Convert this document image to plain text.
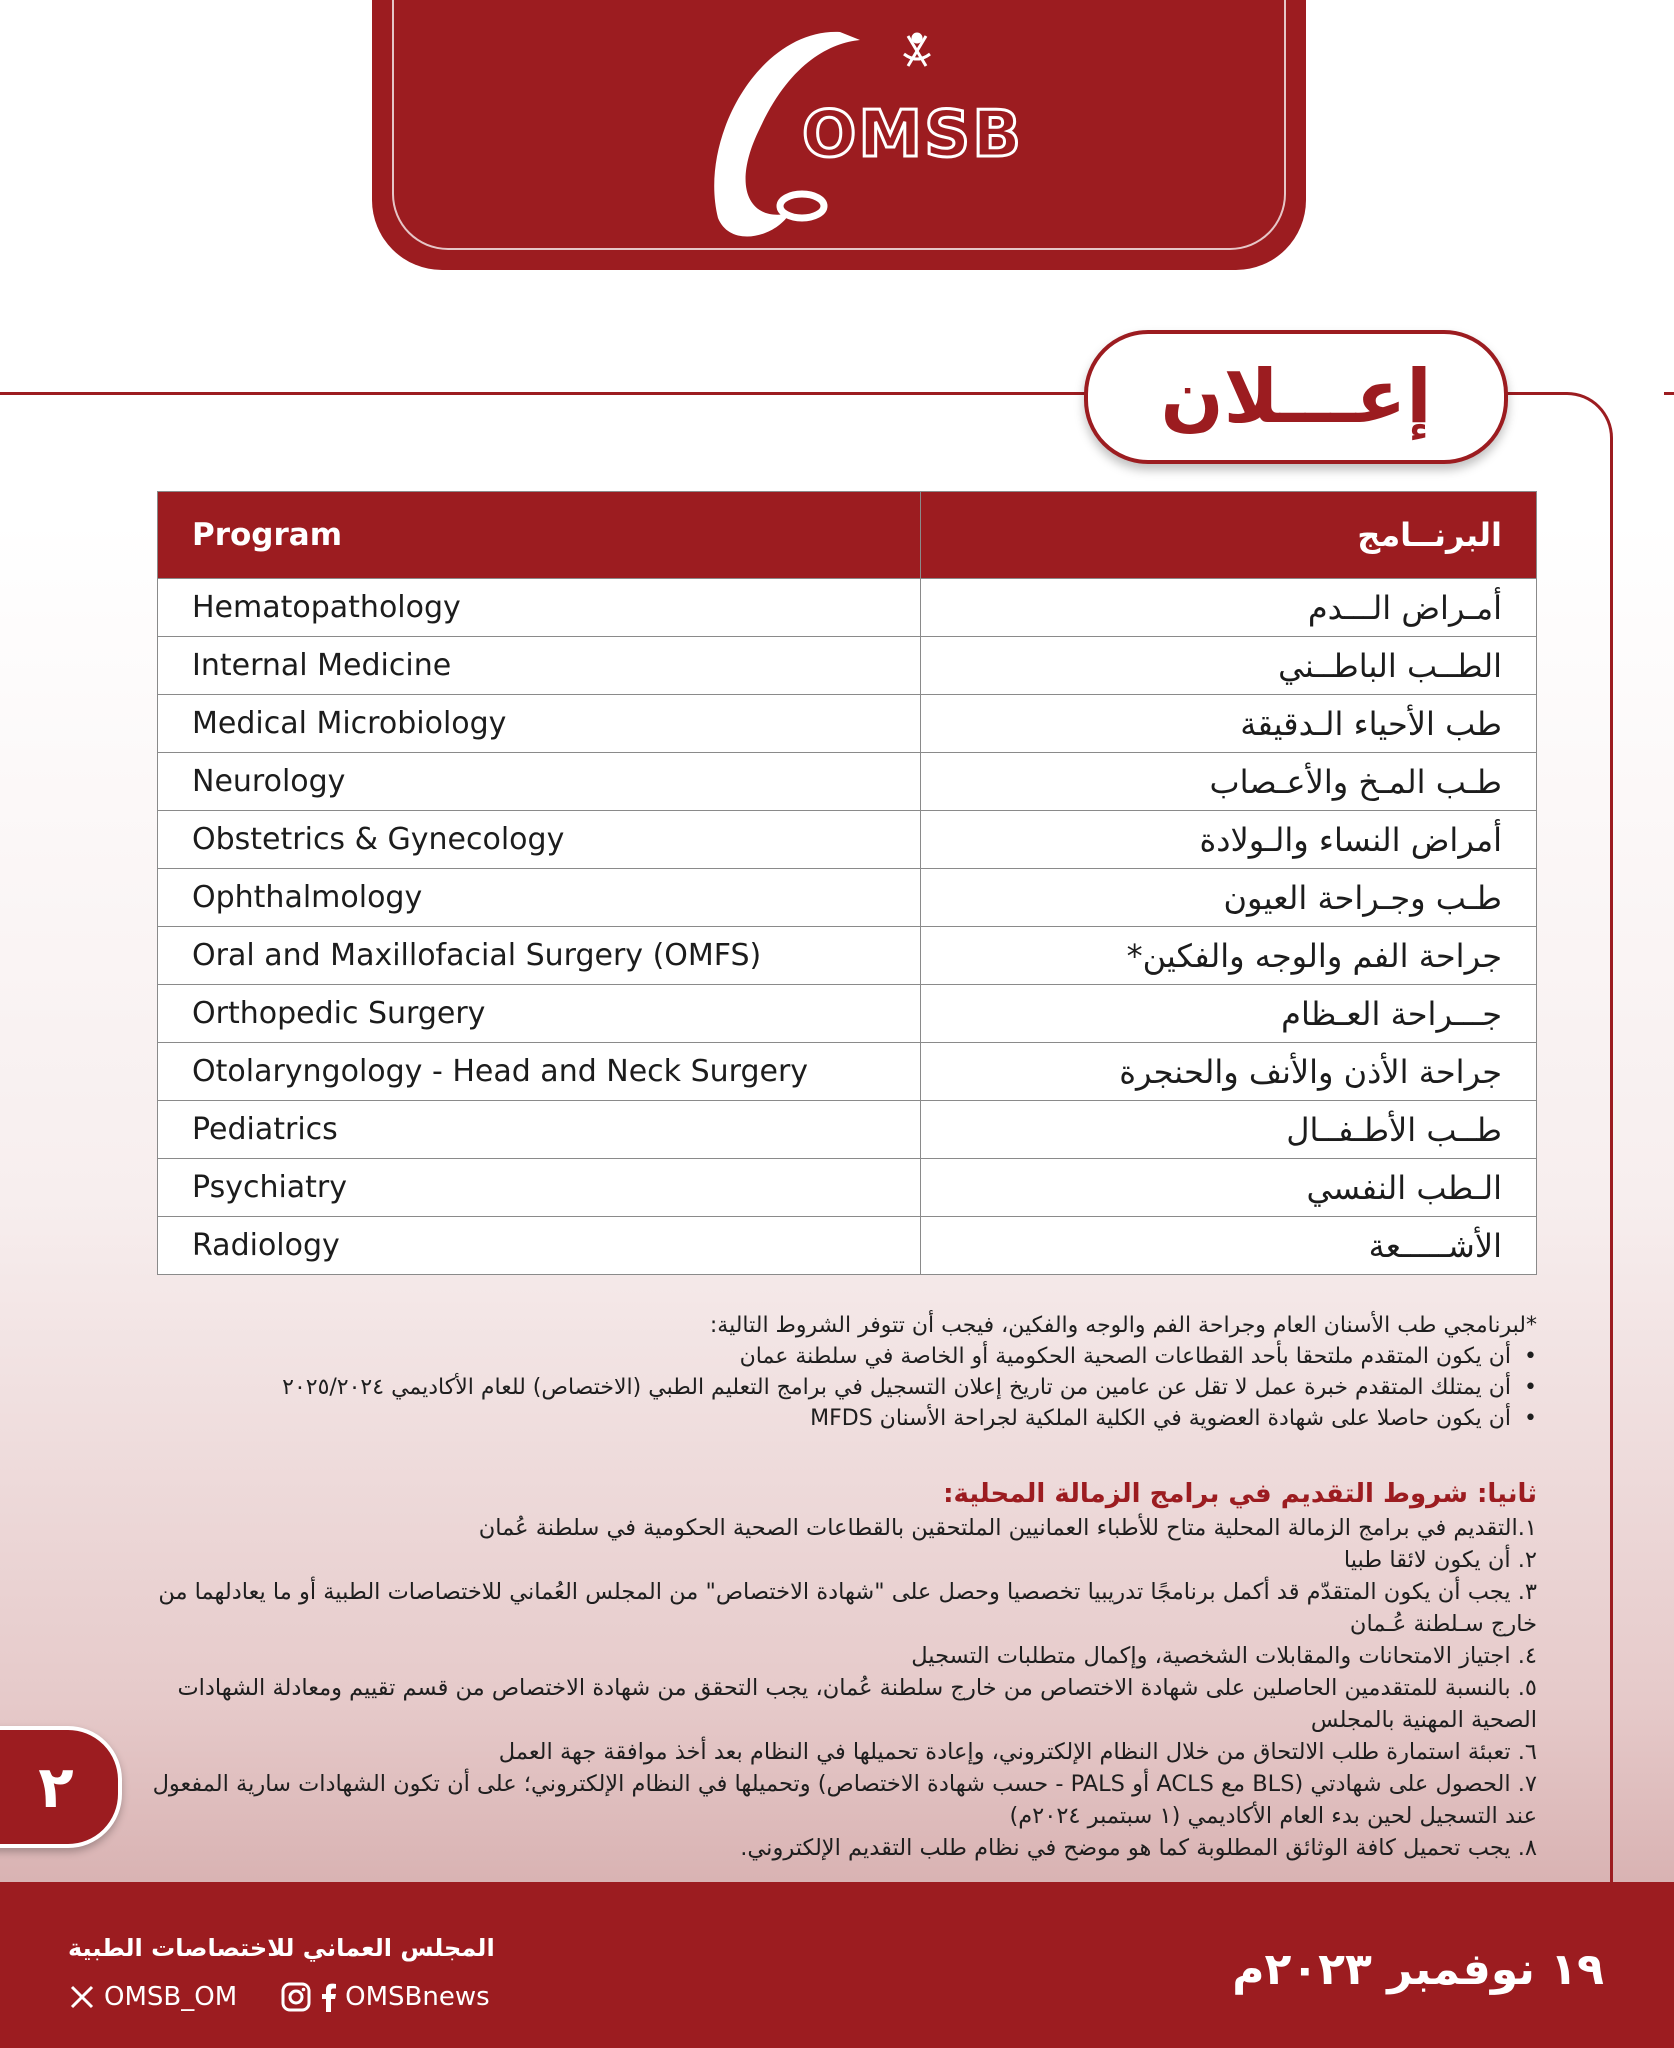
OMSB
إعـــلان
Program	البرنــامج
Hematopathology	أمـراض الـــدم
Internal Medicine	الطــب الباطــني
Medical Microbiology	طب الأحياء الـدقيقة
Neurology	طـب المـخ والأعـصاب
Obstetrics & Gynecology	أمراض النساء والـولادة
Ophthalmology	طـب وجـراحة العيون
Oral and Maxillofacial Surgery (OMFS)	جراحة الفم والوجه والفكين*
Orthopedic Surgery	جـــراحة العـظام
Otolaryngology - Head and Neck Surgery	جراحة الأذن والأنف والحنجرة
Pediatrics	طــب الأطـفــال
Psychiatry	الـطب النفسي
Radiology	الأشـــــعة
*لبرنامجي طب الأسنان العام وجراحة الفم والوجه والفكين، فيجب أن تتوفر الشروط التالية:
• أن يكون المتقدم ملتحقا بأحد القطاعات الصحية الحكومية أو الخاصة في سلطنة عمان
• أن يمتلك المتقدم خبرة عمل لا تقل عن عامين من تاريخ إعلان التسجيل في برامج التعليم الطبي (الاختصاص) للعام الأكاديمي ٢٠٢٥/٢٠٢٤
• أن يكون حاصلا على شهادة العضوية في الكلية الملكية لجراحة الأسنان MFDS
ثانيا: شروط التقديم في برامج الزمالة المحلية:
١.التقديم في برامج الزمالة المحلية متاح للأطباء العمانيين الملتحقين بالقطاعات الصحية الحكومية في سلطنة عُمان
٢. أن يكون لائقا طبيا
٣. يجب أن يكون المتقدّم قد أكمل برنامجًا تدريبيا تخصصيا وحصل على "شهادة الاختصاص" من المجلس العُماني للاختصاصات الطبية أو ما يعادلهما من خارج سـلطنة عُـمان
٤. اجتياز الامتحانات والمقابلات الشخصية، وإكمال متطلبات التسجيل
٥. بالنسبة للمتقدمين الحاصلين على شهادة الاختصاص من خارج سلطنة عُمان، يجب التحقق من شهادة الاختصاص من قسم تقييم ومعادلة الشهادات الصحية المهنية بالمجلس
٦. تعبئة استمارة طلب الالتحاق من خلال النظام الإلكتروني، وإعادة تحميلها في النظام بعد أخذ موافقة جهة العمل
٧. الحصول على شهادتي (BLS مع ACLS أو PALS - حسب شهادة الاختصاص) وتحميلها في النظام الإلكتروني؛ على أن تكون الشهادات سارية المفعول عند التسجيل لحين بدء العام الأكاديمي (١ سبتمبر ٢٠٢٤م)
٨. يجب تحميل كافة الوثائق المطلوبة كما هو موضح في نظام طلب التقديم الإلكتروني.
٢
المجلس العماني للاختصاصات الطبية
OMSB_OM	OMSBnews
١٩ نوفمبر ٢٠٢٣م
